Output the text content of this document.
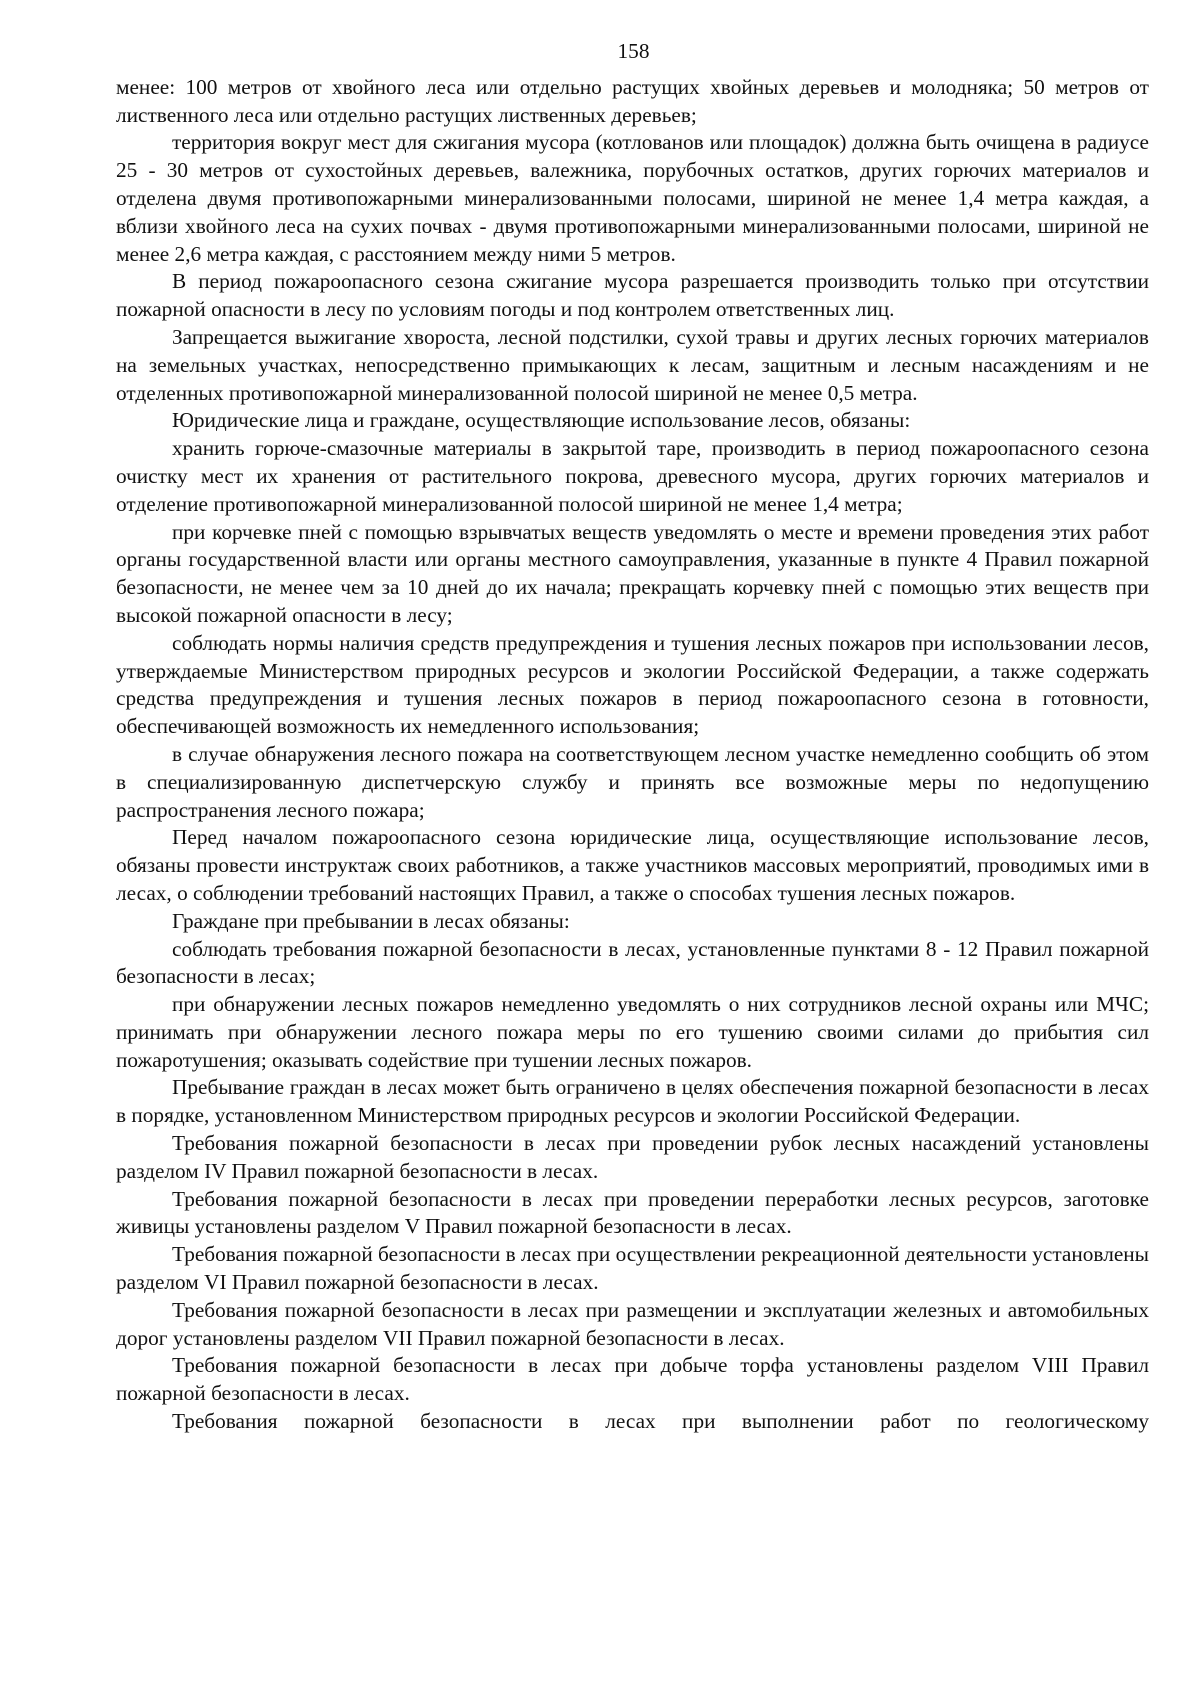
158

менее: 100 метров от хвойного леса или отдельно растущих хвойных деревьев и молодняка; 50 метров от лиственного леса или отдельно растущих лиственных деревьев;

территория вокруг мест для сжигания мусора (котлованов или площадок) должна быть очищена в радиусе 25 - 30 метров от сухостойных деревьев, валежника, порубочных остатков, других горючих материалов и отделена двумя противопожарными минерализованными полосами, шириной не менее 1,4 метра каждая, а вблизи хвойного леса на сухих почвах - двумя противопожарными минерализованными полосами, шириной не менее 2,6 метра каждая, с расстоянием между ними 5 метров.

В период пожароопасного сезона сжигание мусора разрешается производить только при отсутствии пожарной опасности в лесу по условиям погоды и под контролем ответственных лиц.

Запрещается выжигание хвороста, лесной подстилки, сухой травы и других лесных горючих материалов на земельных участках, непосредственно примыкающих к лесам, защитным и лесным насаждениям и не отделенных противопожарной минерализованной полосой шириной не менее 0,5 метра.

Юридические лица и граждане, осуществляющие использование лесов, обязаны:

хранить горюче-смазочные материалы в закрытой таре, производить в период пожароопасного сезона очистку мест их хранения от растительного покрова, древесного мусора, других горючих материалов и отделение противопожарной минерализованной полосой шириной не менее 1,4 метра;

при корчевке пней с помощью взрывчатых веществ уведомлять о месте и времени проведения этих работ органы государственной власти или органы местного самоуправления, указанные в пункте 4 Правил пожарной безопасности, не менее чем за 10 дней до их начала; прекращать корчевку пней с помощью этих веществ при высокой пожарной опасности в лесу;

соблюдать нормы наличия средств предупреждения и тушения лесных пожаров при использовании лесов, утверждаемые Министерством природных ресурсов и экологии Российской Федерации, а также содержать средства предупреждения и тушения лесных пожаров в период пожароопасного сезона в готовности, обеспечивающей возможность их немедленного использования;

в случае обнаружения лесного пожара на соответствующем лесном участке немедленно сообщить об этом в специализированную диспетчерскую службу и принять все возможные меры по недопущению распространения лесного пожара;

Перед началом пожароопасного сезона юридические лица, осуществляющие использование лесов, обязаны провести инструктаж своих работников, а также участников массовых мероприятий, проводимых ими в лесах, о соблюдении требований настоящих Правил, а также о способах тушения лесных пожаров.

Граждане при пребывании в лесах обязаны:

соблюдать требования пожарной безопасности в лесах, установленные пунктами 8 - 12 Правил пожарной безопасности в лесах;

при обнаружении лесных пожаров немедленно уведомлять о них сотрудников лесной охраны или МЧС; принимать при обнаружении лесного пожара меры по его тушению своими силами до прибытия сил пожаротушения; оказывать содействие при тушении лесных пожаров.

Пребывание граждан в лесах может быть ограничено в целях обеспечения пожарной безопасности в лесах в порядке, установленном Министерством природных ресурсов и экологии Российской Федерации.

Требования пожарной безопасности в лесах при проведении рубок лесных насаждений установлены разделом IV Правил пожарной безопасности в лесах.

Требования пожарной безопасности в лесах при проведении переработки лесных ресурсов, заготовке живицы установлены разделом V Правил пожарной безопасности в лесах.

Требования пожарной безопасности в лесах при осуществлении рекреационной деятельности установлены разделом VI Правил пожарной безопасности в лесах.

Требования пожарной безопасности в лесах при размещении и эксплуатации железных и автомобильных дорог установлены разделом VII Правил пожарной безопасности в лесах.

Требования пожарной безопасности в лесах при добыче торфа установлены разделом VIII Правил пожарной безопасности в лесах.

Требования пожарной безопасности в лесах при выполнении работ по геологическому
